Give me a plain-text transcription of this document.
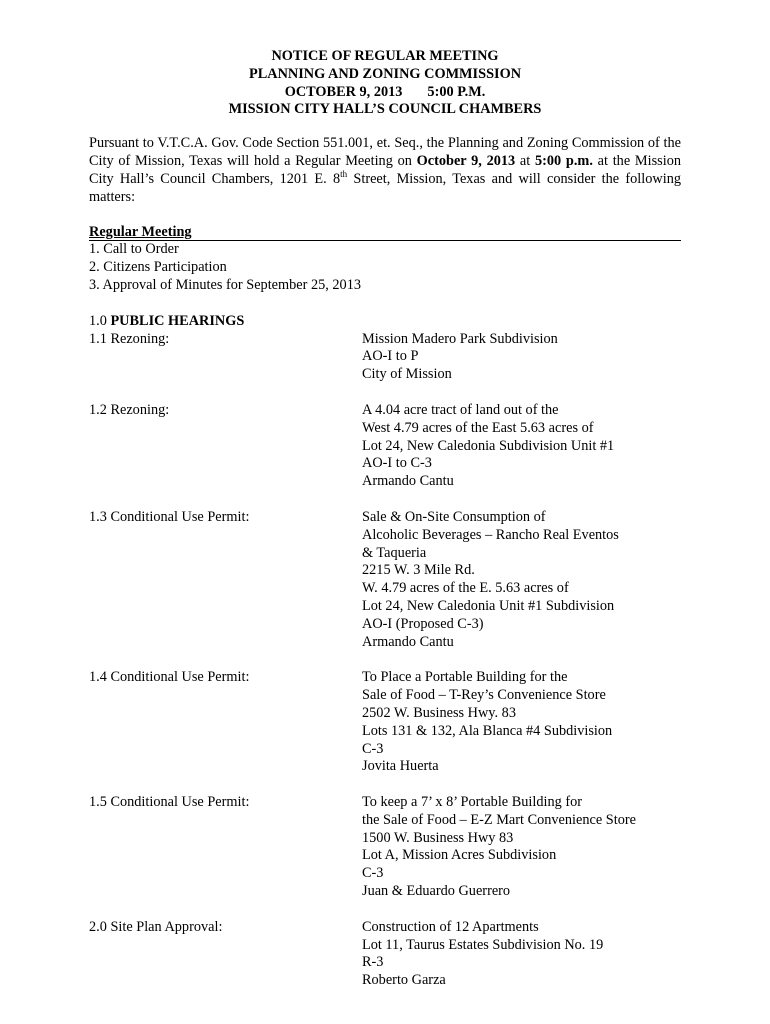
NOTICE OF REGULAR MEETING
PLANNING AND ZONING COMMISSION
OCTOBER 9, 2013       5:00 P.M.
MISSION CITY HALL’S COUNCIL CHAMBERS
Pursuant to V.T.C.A. Gov. Code Section 551.001, et. Seq., the Planning and Zoning Commission of the City of Mission, Texas will hold a Regular Meeting on October 9, 2013 at 5:00 p.m. at the Mission City Hall’s Council Chambers, 1201 E. 8th Street, Mission, Texas and will consider the following matters:
Regular Meeting
1. Call to Order
2. Citizens Participation
3. Approval of Minutes for September 25, 2013
1.0 PUBLIC HEARINGS
1.1 Rezoning:	Mission Madero Park Subdivision
AO-I to P
City of Mission
1.2 Rezoning:	A 4.04 acre tract of land out of the
West 4.79 acres of the East 5.63 acres of
Lot 24, New Caledonia Subdivision Unit #1
AO-I to C-3
Armando Cantu
1.3 Conditional Use Permit:	Sale & On-Site Consumption of
Alcoholic Beverages – Rancho Real Eventos
& Taqueria
2215 W. 3 Mile Rd.
W. 4.79 acres of the E. 5.63 acres of
Lot 24, New Caledonia Unit #1 Subdivision
AO-I (Proposed C-3)
Armando Cantu
1.4 Conditional Use Permit:	To Place a Portable Building for the
Sale of Food – T-Rey’s Convenience Store
2502 W. Business Hwy. 83
Lots 131 & 132, Ala Blanca #4 Subdivision
C-3
Jovita Huerta
1.5 Conditional Use Permit:	To keep a 7’ x 8’ Portable Building for
the Sale of Food – E-Z Mart Convenience Store
1500 W. Business Hwy 83
Lot A, Mission Acres Subdivision
C-3
Juan & Eduardo Guerrero
2.0 Site Plan Approval:	Construction of 12 Apartments
Lot 11, Taurus Estates Subdivision No. 19
R-3
Roberto Garza
